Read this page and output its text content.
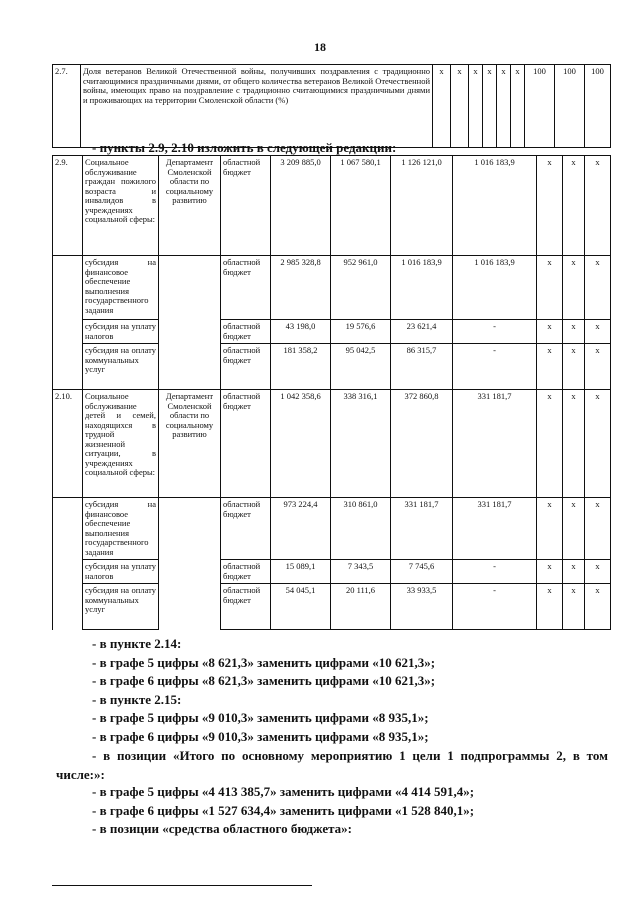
18
2.7.	Доля ветеранов Великой Отечественной войны, получивших поздравления с традиционно считающимися праздничными днями, от общего количества ветеранов Великой Отечественной войны, имеющих право на поздравление с традиционно считающимися праздничными днями и проживающих на территории Смоленской области (%)	х	х	х	х	х	х	100	100	100
- пункты 2.9, 2.10 изложить в следующей редакции:
2.9.	Социальное обслуживание граждан пожилого возраста и инвалидов в учреждениях социальной сферы:	Департамент Смоленской области по социальному развитию	областной бюджет	3 209 885,0	1 067 580,1	1 126 121,0	1 016 183,9	х	х	х
	субсидия на финансовое обеспечение выполнения государственного задания		областной бюджет	2 985 328,8	952 961,0	1 016 183,9	1 016 183,9	х	х	х
	субсидия на уплату налогов		областной бюджет	43 198,0	19 576,6	23 621,4	-	х	х	х
	субсидия на оплату коммунальных услуг		областной бюджет	181 358,2	95 042,5	86 315,7	-	х	х	х
2.10.	Социальное обслуживание детей и семей, находящихся в трудной жизненной ситуации, в учреждениях социальной сферы:	Департамент Смоленской области по социальному развитию	областной бюджет	1 042 358,6	338 316,1	372 860,8	331 181,7	х	х	х
	субсидия на финансовое обеспечение выполнения государственного задания		областной бюджет	973 224,4	310 861,0	331 181,7	331 181,7	х	х	х
	субсидия на уплату налогов		областной бюджет	15 089,1	7 343,5	7 745,6	-	х	х	х
	субсидия на оплату коммунальных услуг		областной бюджет	54 045,1	20 111,6	33 933,5	-	х	х	х
- в пункте 2.14:
- в графе 5 цифры «8 621,3» заменить цифрами «10 621,3»;
- в графе 6 цифры «8 621,3» заменить цифрами «10 621,3»;
- в пункте 2.15:
- в графе 5 цифры «9 010,3» заменить цифрами «8 935,1»;
- в графе 6 цифры «9 010,3» заменить цифрами «8 935,1»;
- в позиции «Итого по основному мероприятию 1 цели 1 подпрограммы 2, в том числе:»:
- в графе 5 цифры «4 413 385,7» заменить цифрами «4 414 591,4»;
- в графе 6 цифры «1 527 634,4» заменить цифрами «1 528 840,1»;
- в позиции «средства областного бюджета»:
